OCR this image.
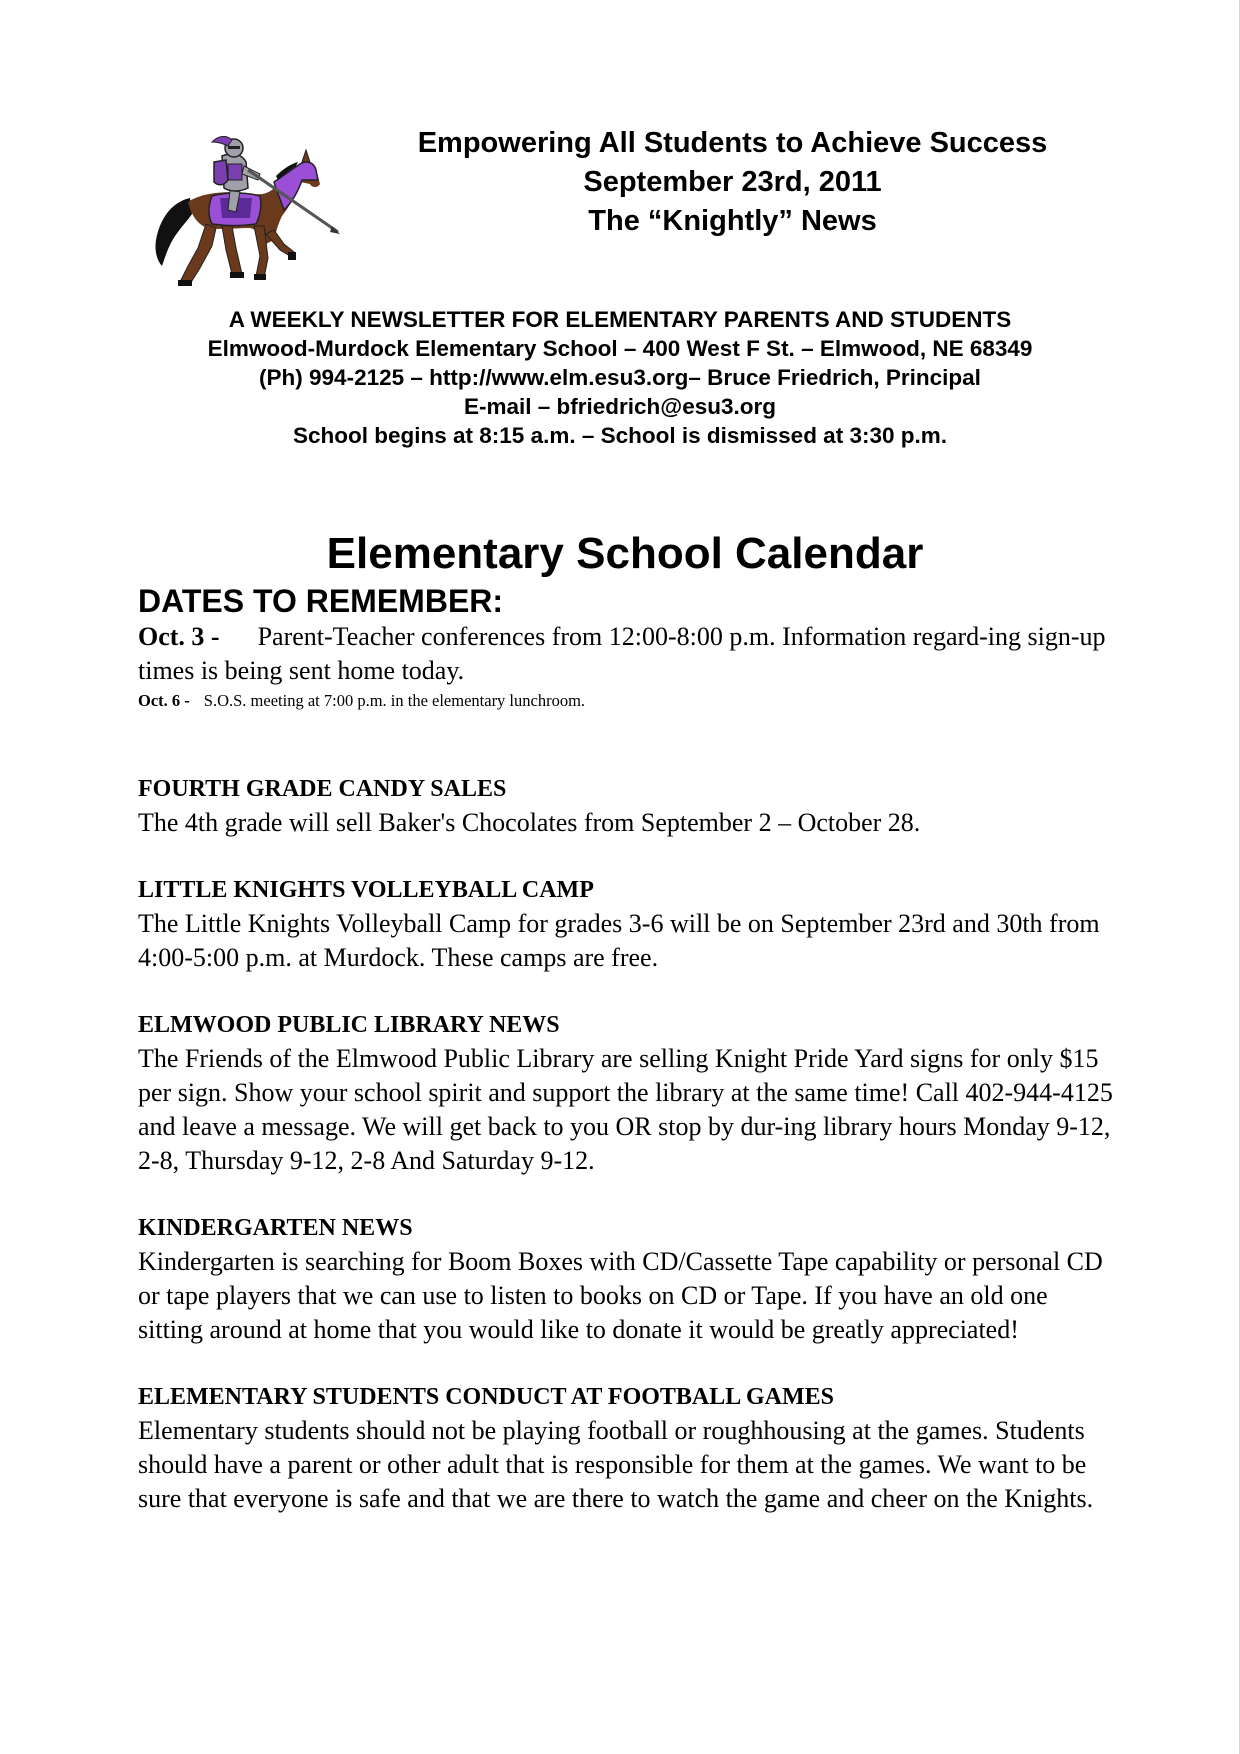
Empowering All Students to Achieve Success
September 23rd, 2011
The “Knightly” News
A WEEKLY NEWSLETTER FOR ELEMENTARY PARENTS AND STUDENTS
Elmwood-Murdock Elementary School – 400 West F St. – Elmwood, NE 68349
(Ph) 994-2125 – http://www.elm.esu3.org– Bruce Friedrich, Principal
E-mail – bfriedrich@esu3.org
School begins at 8:15 a.m. – School is dismissed at 3:30 p.m.
Elementary School Calendar
DATES TO REMEMBER:

Oct. 3 - Parent-Teacher conferences from 12:00-8:00 p.m. Information regard-ing sign-up times is being sent home today.

Oct. 6 - S.O.S. meeting at 7:00 p.m. in the elementary lunchroom.

FOURTH GRADE CANDY SALES

The 4th grade will sell Baker's Chocolates from September 2 – October 28.

LITTLE KNIGHTS VOLLEYBALL CAMP

The Little Knights Volleyball Camp for grades 3-6 will be on September 23rd and 30th from

4:00-5:00 p.m. at Murdock. These camps are free.

ELMWOOD PUBLIC LIBRARY NEWS

The Friends of the Elmwood Public Library are selling Knight Pride Yard signs for only $15 per sign. Show your school spirit and support the library at the same time! Call 402-944-4125 and leave a message. We will get back to you OR stop by dur-ing library hours Monday 9-12, 2-8, Thursday 9-12, 2-8 And Saturday 9-12.

KINDERGARTEN NEWS

Kindergarten is searching for Boom Boxes with CD/Cassette Tape capability or personal CD or tape players that we can use to listen to books on CD or Tape. If you have an old one sitting around at home that you would like to donate it would be greatly appreciated!

ELEMENTARY STUDENTS CONDUCT AT FOOTBALL GAMES

Elementary students should not be playing football or roughhousing at the games. Students should have a parent or other adult that is responsible for them at the games. We want to be sure that everyone is safe and that we are there to watch the game and cheer on the Knights.
